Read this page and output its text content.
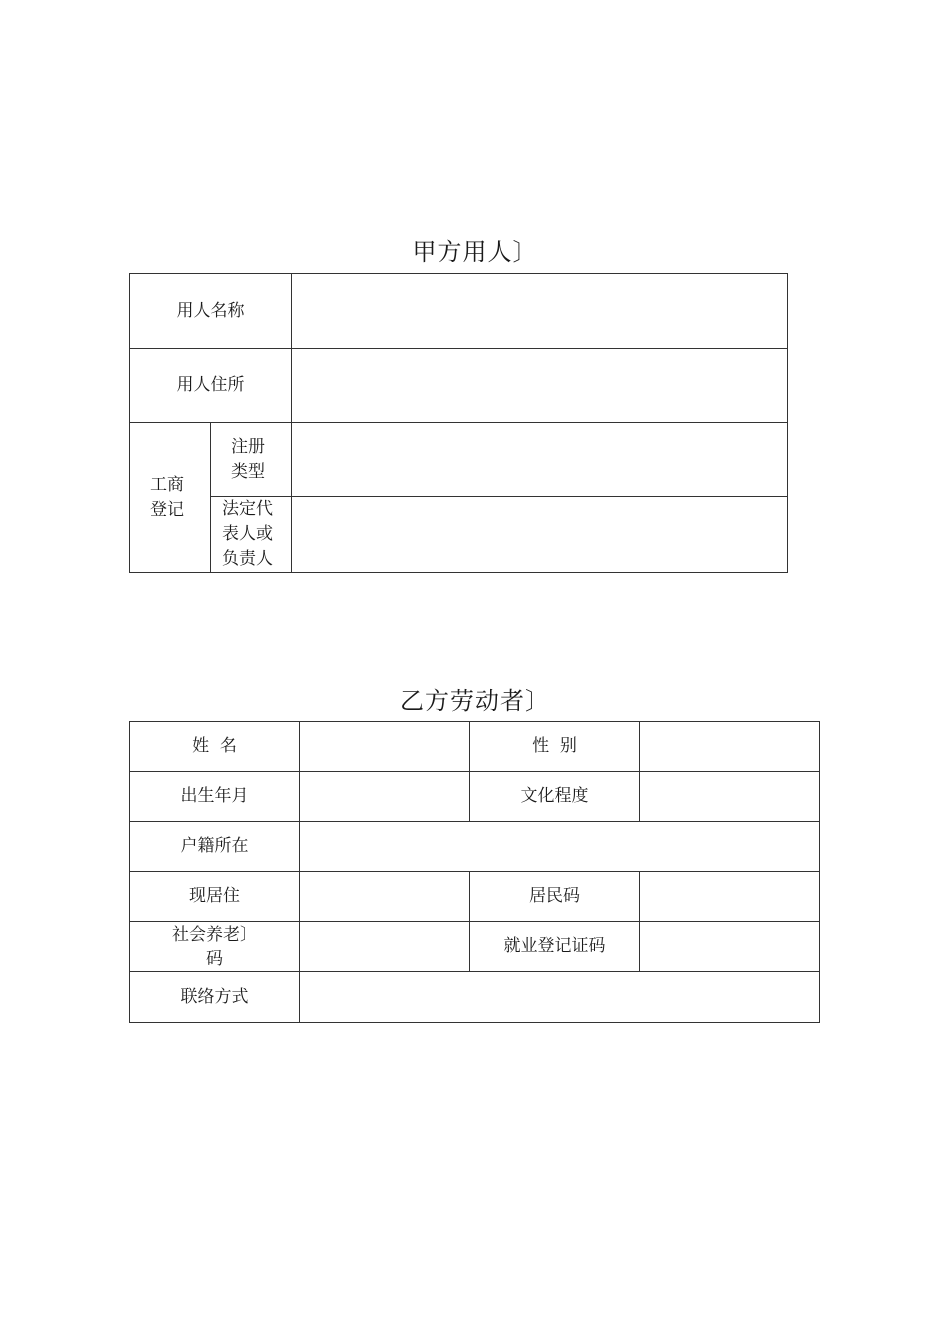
甲方用人〕
用人名称		
用人住所		

工商登记	注册类型	

	法定代表人或负责人	

乙方劳动者〕
姓  名		性  别	
出生年月		文化程度	
户籍所在			
现居住		居民码	

社会养老〕码		就业登记证码	
联络方式			
